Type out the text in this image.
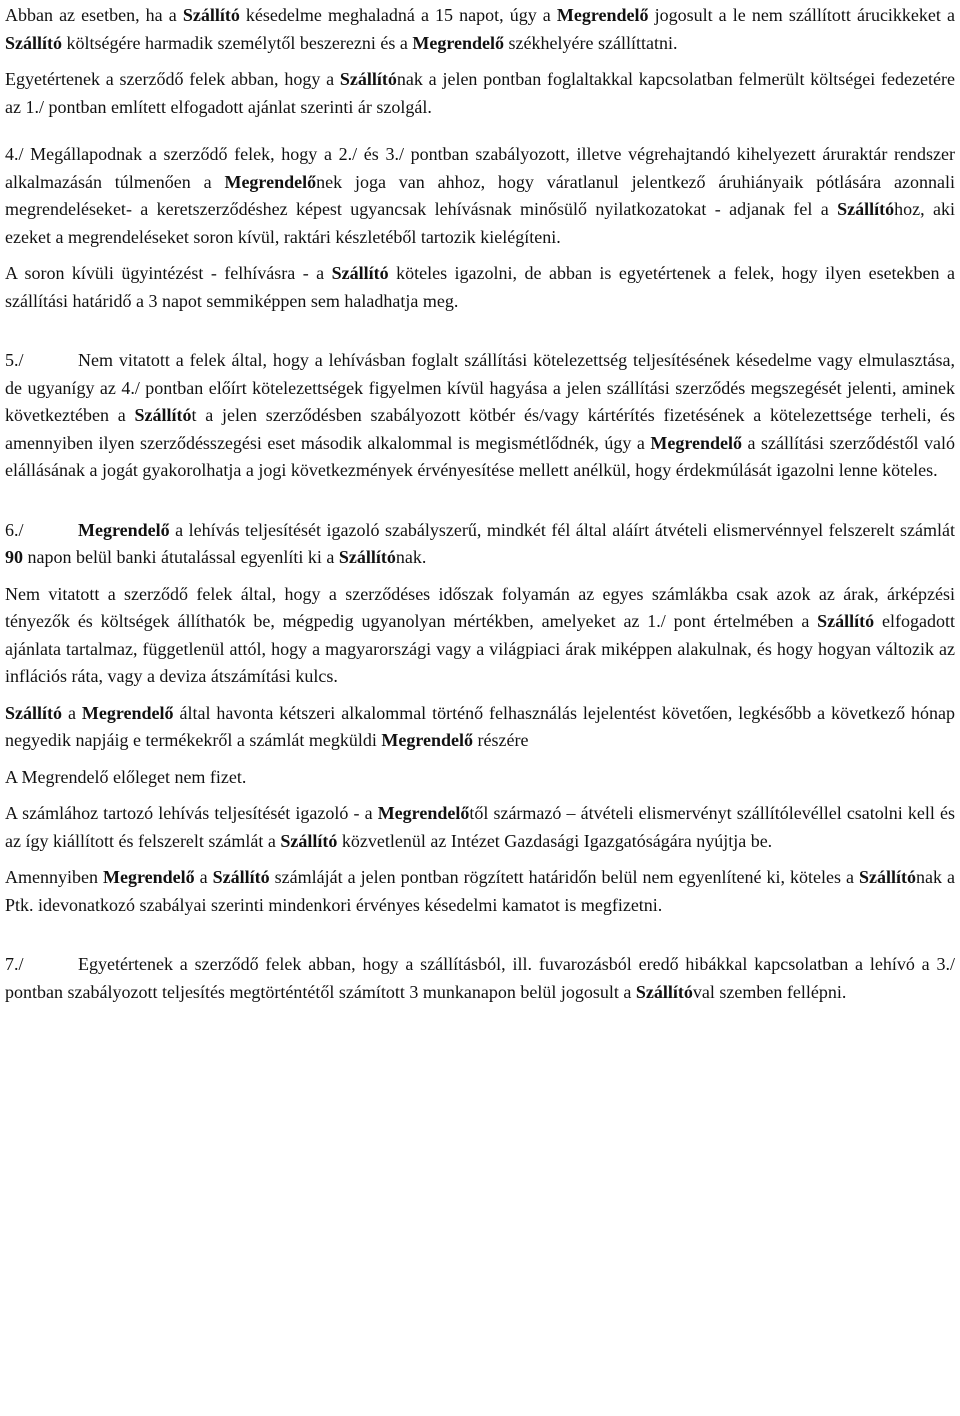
Abban az esetben, ha a Szállító késedelme meghaladná a 15 napot, úgy a Megrendelő jogosult a le nem szállított árucikkeket a Szállító költségére harmadik személytől beszerezni és a Megrendelő székhelyére szállíttatni.

Egyetértenek a szerződő felek abban, hogy a Szállítónak a jelen pontban foglaltakkal kapcsolatban felmerült költségei fedezetére az 1./ pontban említett elfogadott ajánlat szerinti ár szolgál.

4./ Megállapodnak a szerződő felek, hogy a 2./ és 3./ pontban szabályozott, illetve végrehajtandó kihelyezett áruraktár rendszer alkalmazásán túlmenően a Megrendelőnek joga van ahhoz, hogy váratlanul jelentkező áruhiányaik pótlására azonnali megrendeléseket- a keretszerződéshez képest ugyancsak lehívásnak minősülő nyilatkozatokat - adjanak fel a Szállítóhoz, aki ezeket a megrendeléseket soron kívül, raktári készletéből tartozik kielégíteni.

A soron kívüli ügyintézést - felhívásra - a Szállító köteles igazolni, de abban is egyetértenek a felek, hogy ilyen esetekben a szállítási határidő a 3 napot semmiképpen sem haladhatja meg.

5./	Nem vitatott a felek által, hogy a lehívásban foglalt szállítási kötelezettség teljesítésének késedelme vagy elmulasztása, de ugyanígy az 4./ pontban előírt kötelezettségek figyelmen kívül hagyása a jelen szállítási szerződés megszegését jelenti, aminek következtében a Szállítót a jelen szerződésben szabályozott kötbér és/vagy kártérítés fizetésének a kötelezettsége terheli, és amennyiben ilyen szerződésszegési eset második alkalommal is megismétlődnék, úgy a Megrendelő a szállítási szerződéstől való elállásának a jogát gyakorolhatja a jogi következmények érvényesítése mellett anélkül, hogy érdekmúlását igazolni lenne köteles.

6./	Megrendelő a lehívás teljesítését igazoló szabályszerű, mindkét fél által aláírt átvételi elismervénnyel felszerelt számlát 90 napon belül banki átutalással egyenlíti ki a Szállítónak.

Nem vitatott a szerződő felek által, hogy a szerződéses időszak folyamán az egyes számlákba csak azok az árak, árképzési tényezők és költségek állíthatók be, mégpedig ugyanolyan mértékben, amelyeket az 1./ pont értelmében a Szállító elfogadott ajánlata tartalmaz, függetlenül attól, hogy a magyarországi vagy a világpiaci árak miképpen alakulnak, és hogy hogyan változik az inflációs ráta, vagy a deviza átszámítási kulcs.

Szállító a Megrendelő által havonta kétszeri alkalommal történő felhasználás lejelentést követően, legkésőbb a következő hónap negyedik napjáig e termékekről a számlát megküldi Megrendelő részére

A Megrendelő előleget nem fizet.

A számlához tartozó lehívás teljesítését igazoló - a Megrendelőtől származó – átvételi elismervényt szállítólevéllel csatolni kell és az így kiállított és felszerelt számlát a Szállító közvetlenül az Intézet Gazdasági Igazgatóságára nyújtja be.

Amennyiben Megrendelő a Szállító számláját a jelen pontban rögzített határidőn belül nem egyenlítené ki, köteles a Szállítónak a Ptk. idevonatkozó szabályai szerinti mindenkori érvényes késedelmi kamatot is megfizetni.

7./	Egyetértenek a szerződő felek abban, hogy a szállításból, ill. fuvarozásból eredő hibákkal kapcsolatban a lehívó a 3./ pontban szabályozott teljesítés megtörténtétől számított 3 munkanapon belül jogosult a Szállítóval szemben fellépni.
